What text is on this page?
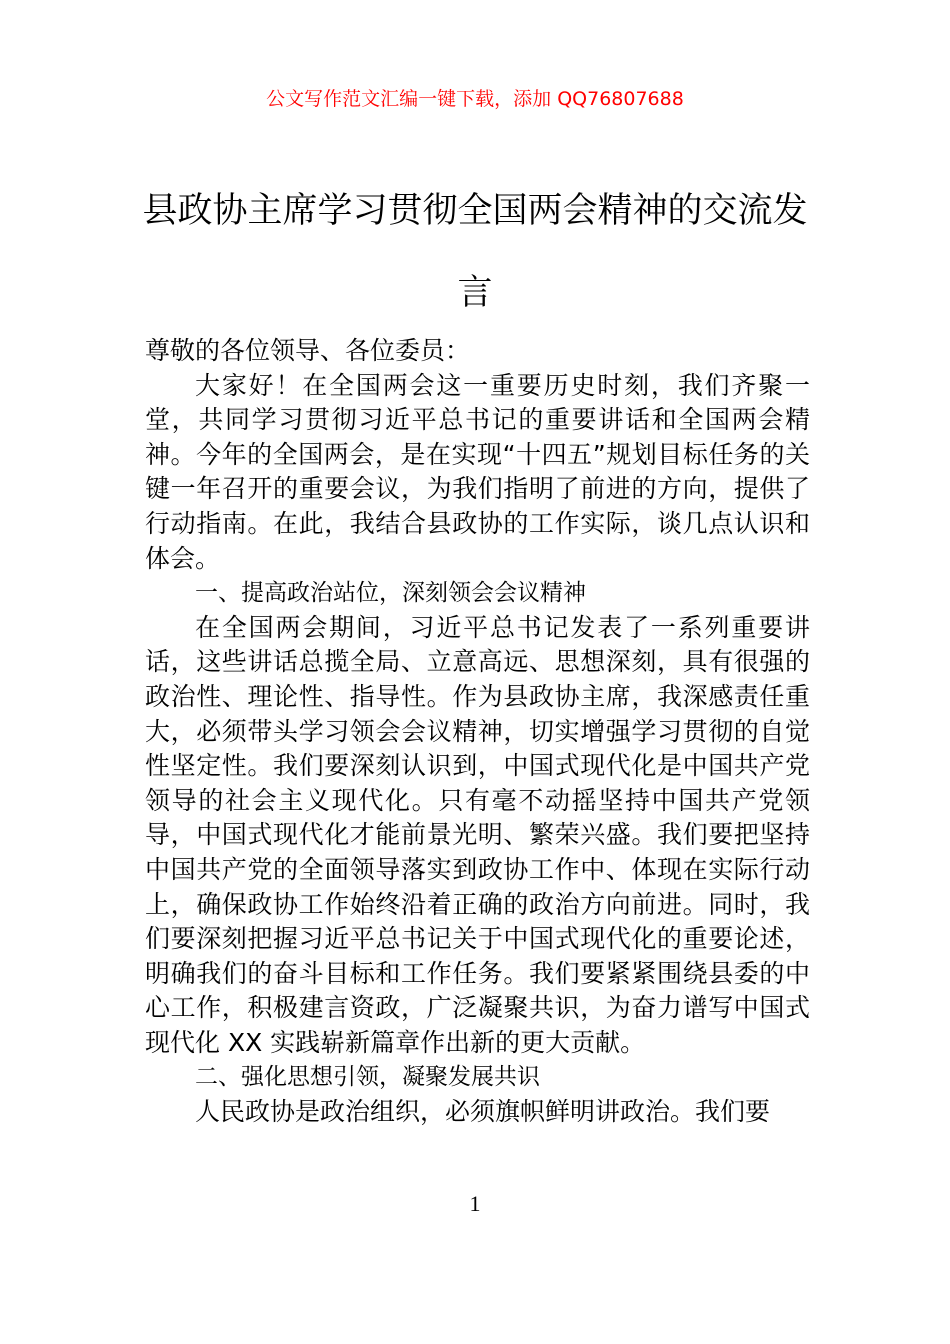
公文写作范文汇编一键下载，添加 QQ76807688
县政协主席学习贯彻全国两会精神的交流发言

尊敬的各位领导、各位委员：

大家好！在全国两会这一重要历史时刻，我们齐聚一堂，共同学习贯彻习近平总书记的重要讲话和全国两会精神。今年的全国两会，是在实现“十四五”规划目标任务的关键一年召开的重要会议，为我们指明了前进的方向，提供了行动指南。在此，我结合县政协的工作实际，谈几点认识和体会。

一、提高政治站位，深刻领会会议精神

在全国两会期间，习近平总书记发表了一系列重要讲话，这些讲话总揽全局、立意高远、思想深刻，具有很强的政治性、理论性、指导性。作为县政协主席，我深感责任重大，必须带头学习领会会议精神，切实增强学习贯彻的自觉性坚定性。我们要深刻认识到，中国式现代化是中国共产党领导的社会主义现代化。只有毫不动摇坚持中国共产党领导，中国式现代化才能前景光明、繁荣兴盛。我们要把坚持中国共产党的全面领导落实到政协工作中、体现在实际行动上，确保政协工作始终沿着正确的政治方向前进。同时，我们要深刻把握习近平总书记关于中国式现代化的重要论述，明确我们的奋斗目标和工作任务。我们要紧紧围绕县委的中心工作，积极建言资政，广泛凝聚共识，为奋力谱写中国式现代化 XX 实践崭新篇章作出新的更大贡献。

二、强化思想引领，凝聚发展共识

人民政协是政治组织，必须旗帜鲜明讲政治。我们要

1
